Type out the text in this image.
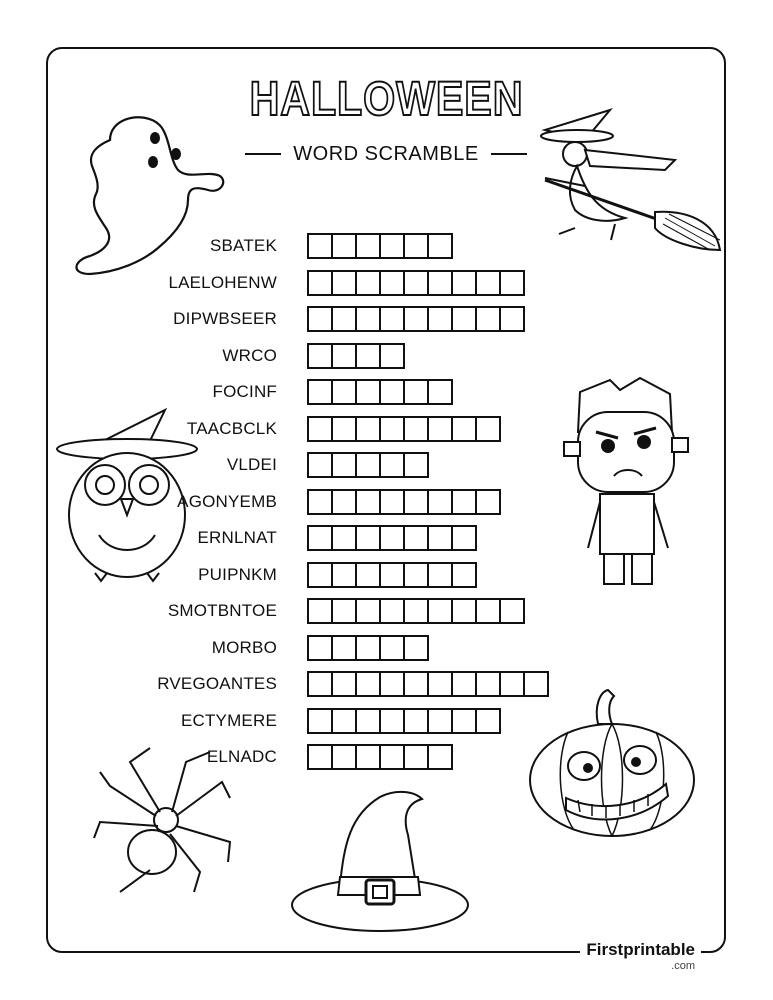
HALLOWEEN
WORD SCRAMBLE
SBATEK
LAELOHENW
DIPWBSEER
WRCO
FOCINF
TAACBCLK
VLDEI
AGONYEMB
ERNLNAT
PUIPNKM
SMOTBNTOE
MORBO
RVEGOANTES
ECTYMERE
ELNADC
Firstprintable
.com
